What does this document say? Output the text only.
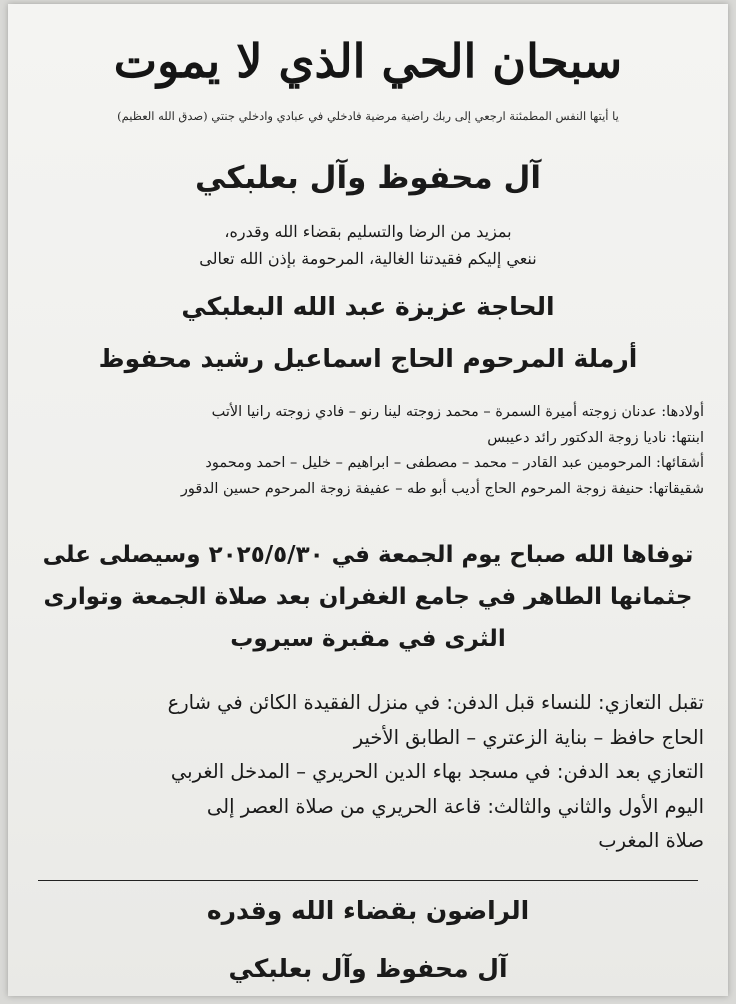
سبحان الحي الذي لا يموت
يا أيتها النفس المطمئنة ارجعي إلى ربك راضية مرضية فادخلي في عبادي وادخلي جنتي (صدق الله العظيم)
آل محفوظ وآل بعلبكي
بمزيد من الرضا والتسليم بقضاء الله وقدره،
ننعي إليكم فقيدتنا الغالية، المرحومة بإذن الله تعالى
الحاجة عزيزة عبد الله البعلبكي
أرملة المرحوم الحاج اسماعيل رشيد محفوظ
أولادها: عدنان زوجته أميرة السمرة – محمد زوجته لينا رنو – فادي زوجته رانيا الأتب
ابنتها: ناديا زوجة الدكتور رائد دعيبس
أشقائها: المرحومين عبد القادر – محمد – مصطفى – ابراهيم – خليل – احمد ومحمود
شقيقاتها: حنيفة زوجة المرحوم الحاج أديب أبو طه – عفيفة زوجة المرحوم حسين الدقور
توفاها الله صباح يوم الجمعة في ٢٠٢٥/٥/٣٠ وسيصلى على
جثمانها الطاهر في جامع الغفران بعد صلاة الجمعة وتوارى
الثرى في مقبرة سيروب
تقبل التعازي: للنساء قبل الدفن: في منزل الفقيدة الكائن في شارع
الحاج حافظ – بناية الزعتري – الطابق الأخير
التعازي بعد الدفن: في مسجد بهاء الدين الحريري – المدخل الغربي
اليوم الأول والثاني والثالث: قاعة الحريري من صلاة العصر إلى
صلاة المغرب
الراضون بقضاء الله وقدره
آل محفوظ وآل بعلبكي
